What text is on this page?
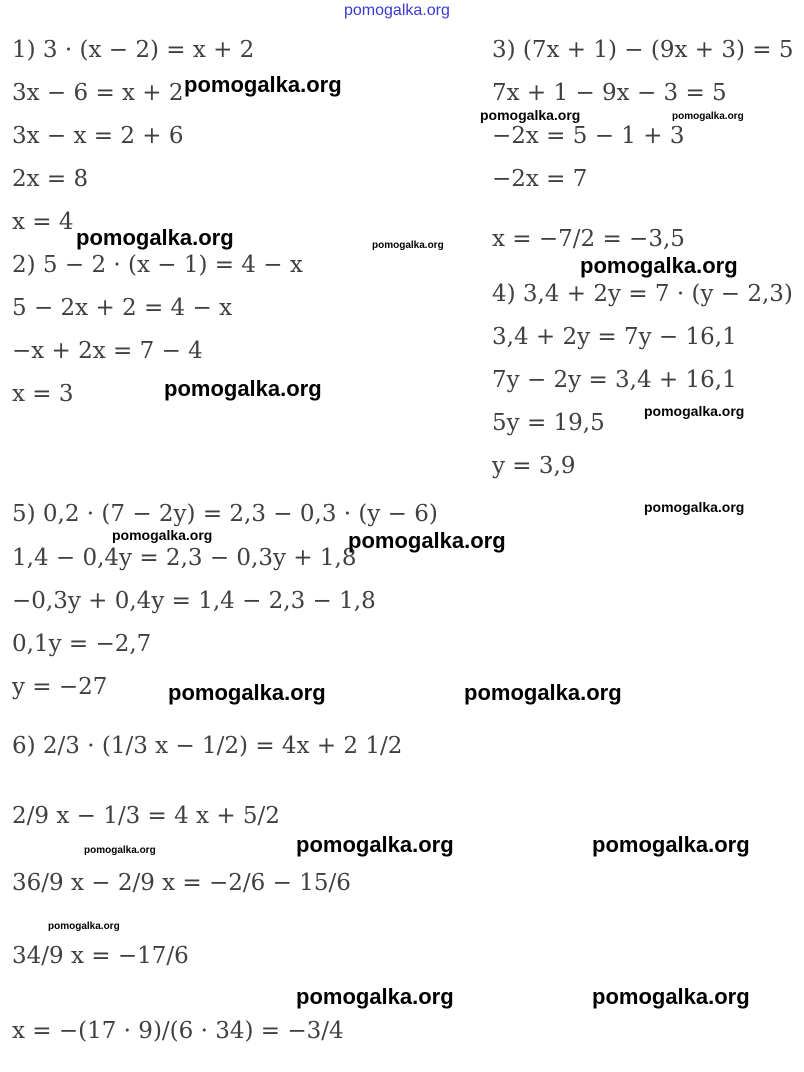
pomogalka.org
1) 3 · (x − 2) = x + 2
3x − 6 = x + 2
3x − x = 2 + 6
2x = 8
x = 4
2) 5 − 2 · (x − 1) = 4 − x
5 − 2x + 2 = 4 − x
−x + 2x = 7 − 4
x = 3
3) (7x + 1) − (9x + 3) = 5
7x + 1 − 9x − 3 = 5
−2x = 5 − 1 + 3
−2x = 7
x = −7/2 = −3,5
4) 3,4 + 2y = 7 · (y − 2,3)
3,4 + 2y = 7y − 16,1
7y − 2y = 3,4 + 16,1
5y = 19,5
y = 3,9
5) 0,2 · (7 − 2y) = 2,3 − 0,3 · (y − 6)
1,4 − 0,4y = 2,3 − 0,3y + 1,8
−0,3y + 0,4y = 1,4 − 2,3 − 1,8
0,1y = −2,7
y = −27
6) 2/3 · (1/3 x − 1/2) = 4x + 2 1/2
2/9 x − 1/3 = 4 x + 5/2
36/9 x − 2/9 x = −2/6 − 15/6
34/9 x = −17/6
x = −(17 · 9)/(6 · 34) = −3/4
pomogalka.org
pomogalka.org	pomogalka.org
pomogalka.org	pomogalka.org
pomogalka.org
pomogalka.org
pomogalka.org
pomogalka.org
pomogalka.org	pomogalka.org
pomogalka.org	pomogalka.org
pomogalka.org	pomogalka.org
pomogalka.org
pomogalka.org
pomogalka.org	pomogalka.org
